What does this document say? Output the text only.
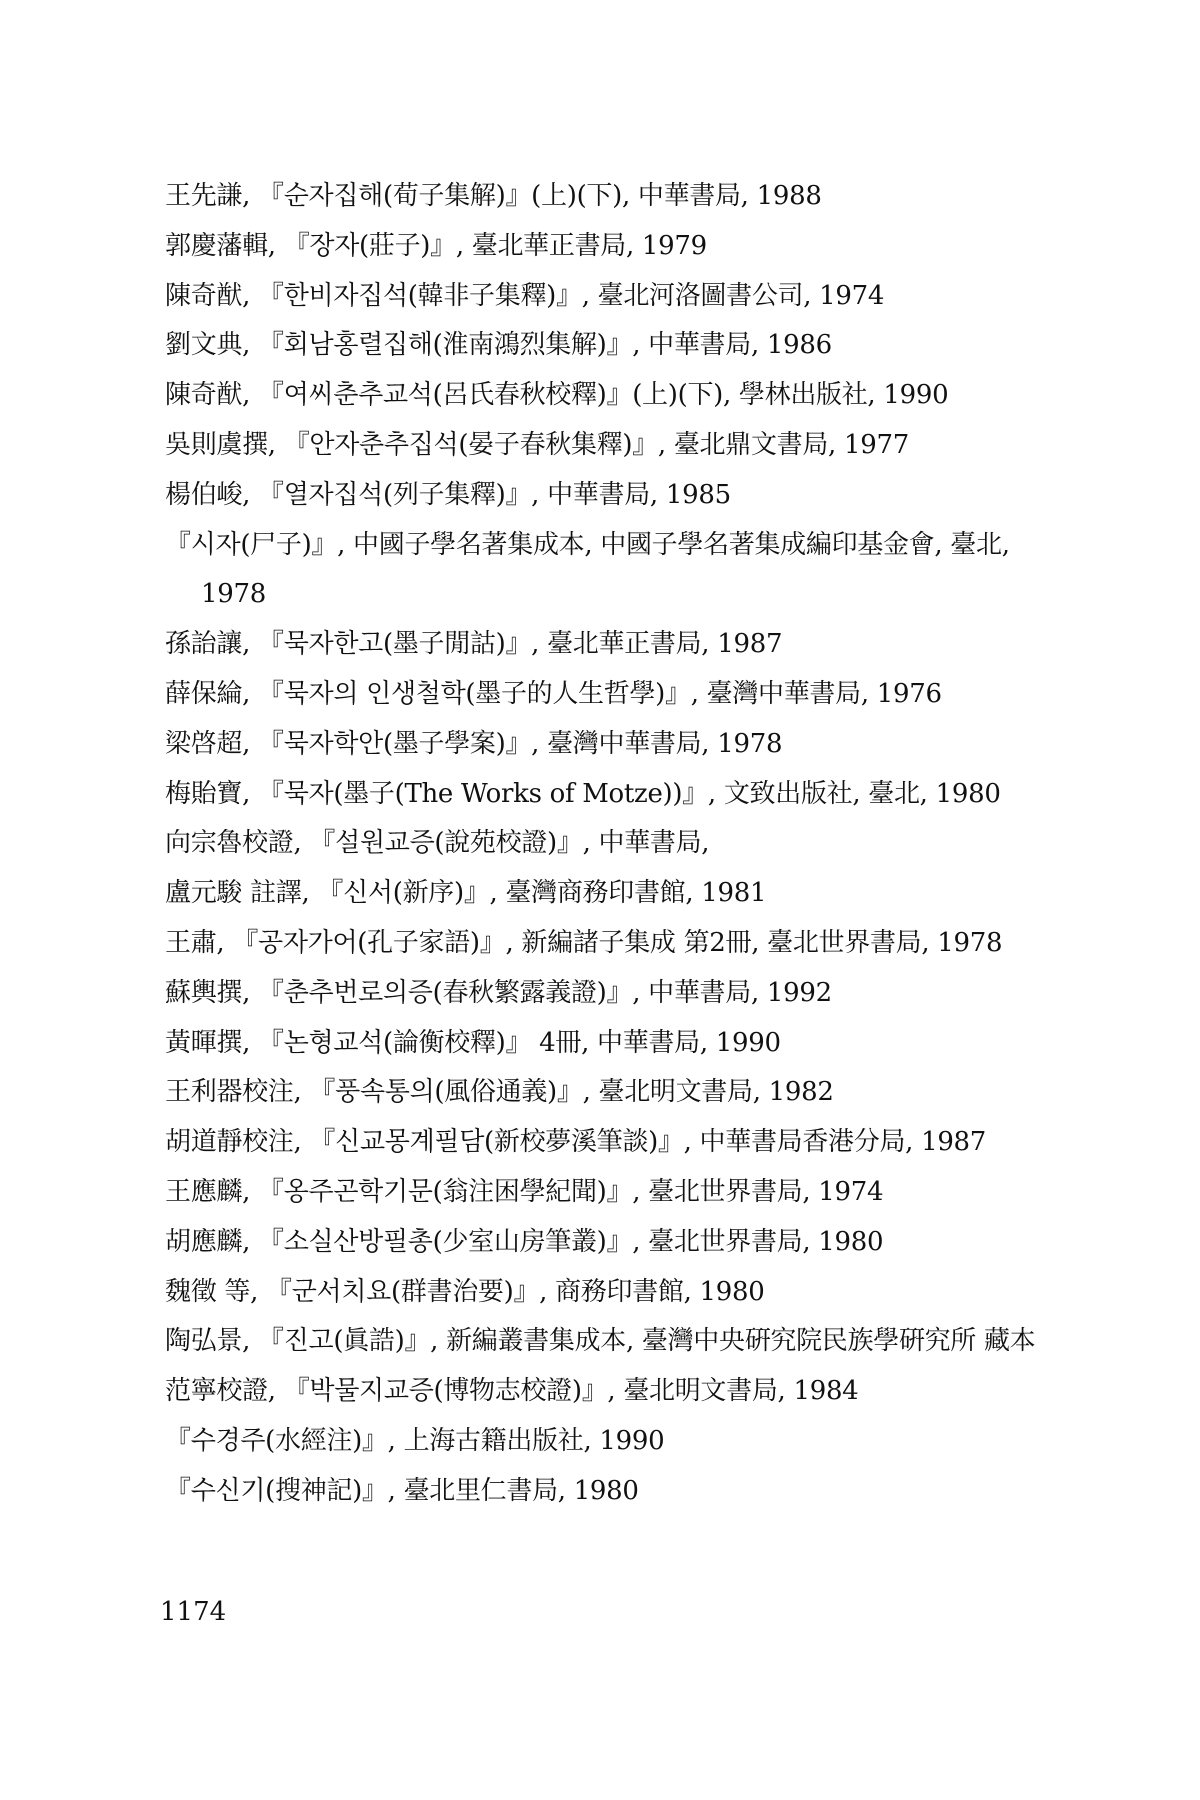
王先謙, 『순자집해(荀子集解)』(上)(下), 中華書局, 1988
郭慶藩輯, 『장자(莊子)』, 臺北華正書局, 1979
陳奇猷, 『한비자집석(韓非子集釋)』, 臺北河洛圖書公司, 1974
劉文典, 『회남홍렬집해(淮南鴻烈集解)』, 中華書局, 1986
陳奇猷, 『여씨춘추교석(呂氏春秋校釋)』(上)(下), 學林出版社, 1990
吳則虞撰, 『안자춘추집석(晏子春秋集釋)』, 臺北鼎文書局, 1977
楊伯峻, 『열자집석(列子集釋)』, 中華書局, 1985
『시자(尸子)』, 中國子學名著集成本, 中國子學名著集成編印基金會, 臺北, 1978
孫詒讓, 『묵자한고(墨子閒詁)』, 臺北華正書局, 1987
薛保綸, 『묵자의 인생철학(墨子的人生哲學)』, 臺灣中華書局, 1976
梁啓超, 『묵자학안(墨子學案)』, 臺灣中華書局, 1978
梅貽寶, 『묵자(墨子(The Works of Motze))』, 文致出版社, 臺北, 1980
向宗魯校證, 『설원교증(說苑校證)』, 中華書局,
盧元駿 註譯, 『신서(新序)』, 臺灣商務印書館, 1981
王肅, 『공자가어(孔子家語)』, 新編諸子集成 第2冊, 臺北世界書局, 1978
蘇輿撰, 『춘추번로의증(春秋繁露義證)』, 中華書局, 1992
黃暉撰, 『논형교석(論衡校釋)』 4冊, 中華書局, 1990
王利器校注, 『풍속통의(風俗通義)』, 臺北明文書局, 1982
胡道靜校注, 『신교몽계필담(新校夢溪筆談)』, 中華書局香港分局, 1987
王應麟, 『옹주곤학기문(翁注困學紀聞)』, 臺北世界書局, 1974
胡應麟, 『소실산방필총(少室山房筆叢)』, 臺北世界書局, 1980
魏徵 等, 『군서치요(群書治要)』, 商務印書館, 1980
陶弘景, 『진고(眞誥)』, 新編叢書集成本, 臺灣中央硏究院民族學硏究所 藏本
范寧校證, 『박물지교증(博物志校證)』, 臺北明文書局, 1984
『수경주(水經注)』, 上海古籍出版社, 1990
『수신기(搜神記)』, 臺北里仁書局, 1980
1174
